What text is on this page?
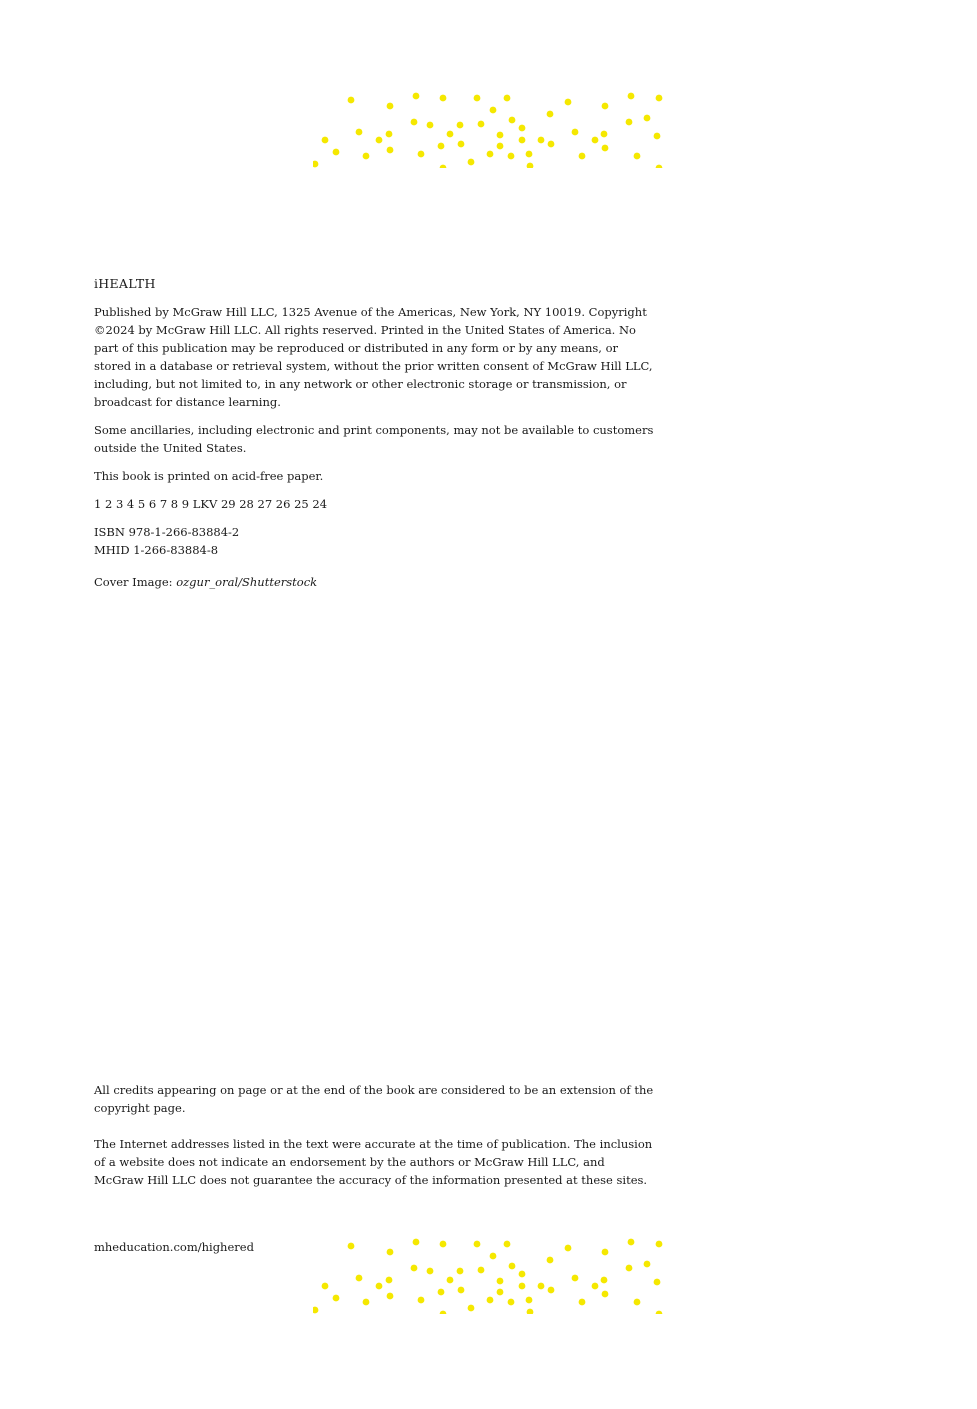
iHEALTH

Published by McGraw Hill LLC, 1325 Avenue of the Americas, New York, NY 10019. Copyright ©2024 by McGraw Hill LLC. All rights reserved. Printed in the United States of America. No part of this publication may be reproduced or distributed in any form or by any means, or stored in a database or retrieval system, without the prior written consent of McGraw Hill LLC, including, but not limited to, in any network or other electronic storage or transmission, or broadcast for distance learning.

Some ancillaries, including electronic and print components, may not be available to customers outside the United States.

This book is printed on acid-free paper.

1 2 3 4 5 6 7 8 9 LKV 29 28 27 26 25 24

ISBN 978-1-266-83884-2

MHID 1-266-83884-8

Cover Image: ozgur_oral/Shutterstock

All credits appearing on page or at the end of the book are considered to be an extension of the copyright page.

The Internet addresses listed in the text were accurate at the time of publication. The inclusion of a website does not indicate an endorsement by the authors or McGraw Hill LLC, and McGraw Hill LLC does not guarantee the accuracy of the information presented at these sites.

mheducation.com/highered
